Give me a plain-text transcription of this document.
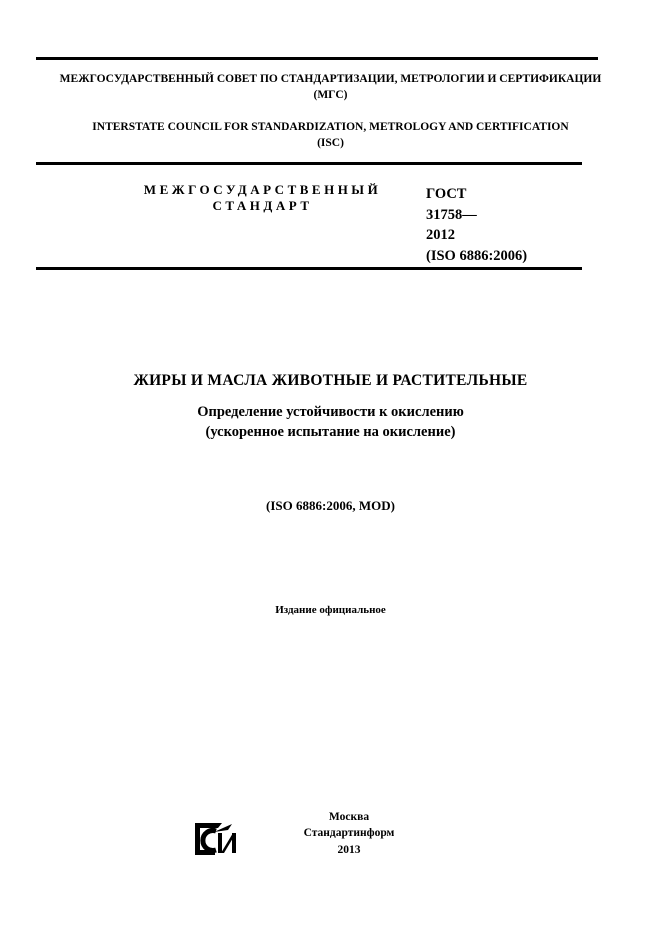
МЕЖГОСУДАРСТВЕННЫЙ СОВЕТ ПО СТАНДАРТИЗАЦИИ, МЕТРОЛОГИИ И СЕРТИФИКАЦИИ
(МГС)
INTERSTATE COUNCIL FOR STANDARDIZATION, METROLOGY AND CERTIFICATION
(ISC)
МЕЖГОСУДАРСТВЕННЫЙ
СТАНДАРТ
ГОСТ
31758—
2012
(ISO 6886:2006)
ЖИРЫ И МАСЛА ЖИВОТНЫЕ И РАСТИТЕЛЬНЫЕ
Определение устойчивости к окислению
(ускоренное испытание на окисление)
(ISO 6886:2006, MOD)
Издание официальное
Москва
Стандартинформ
2013
